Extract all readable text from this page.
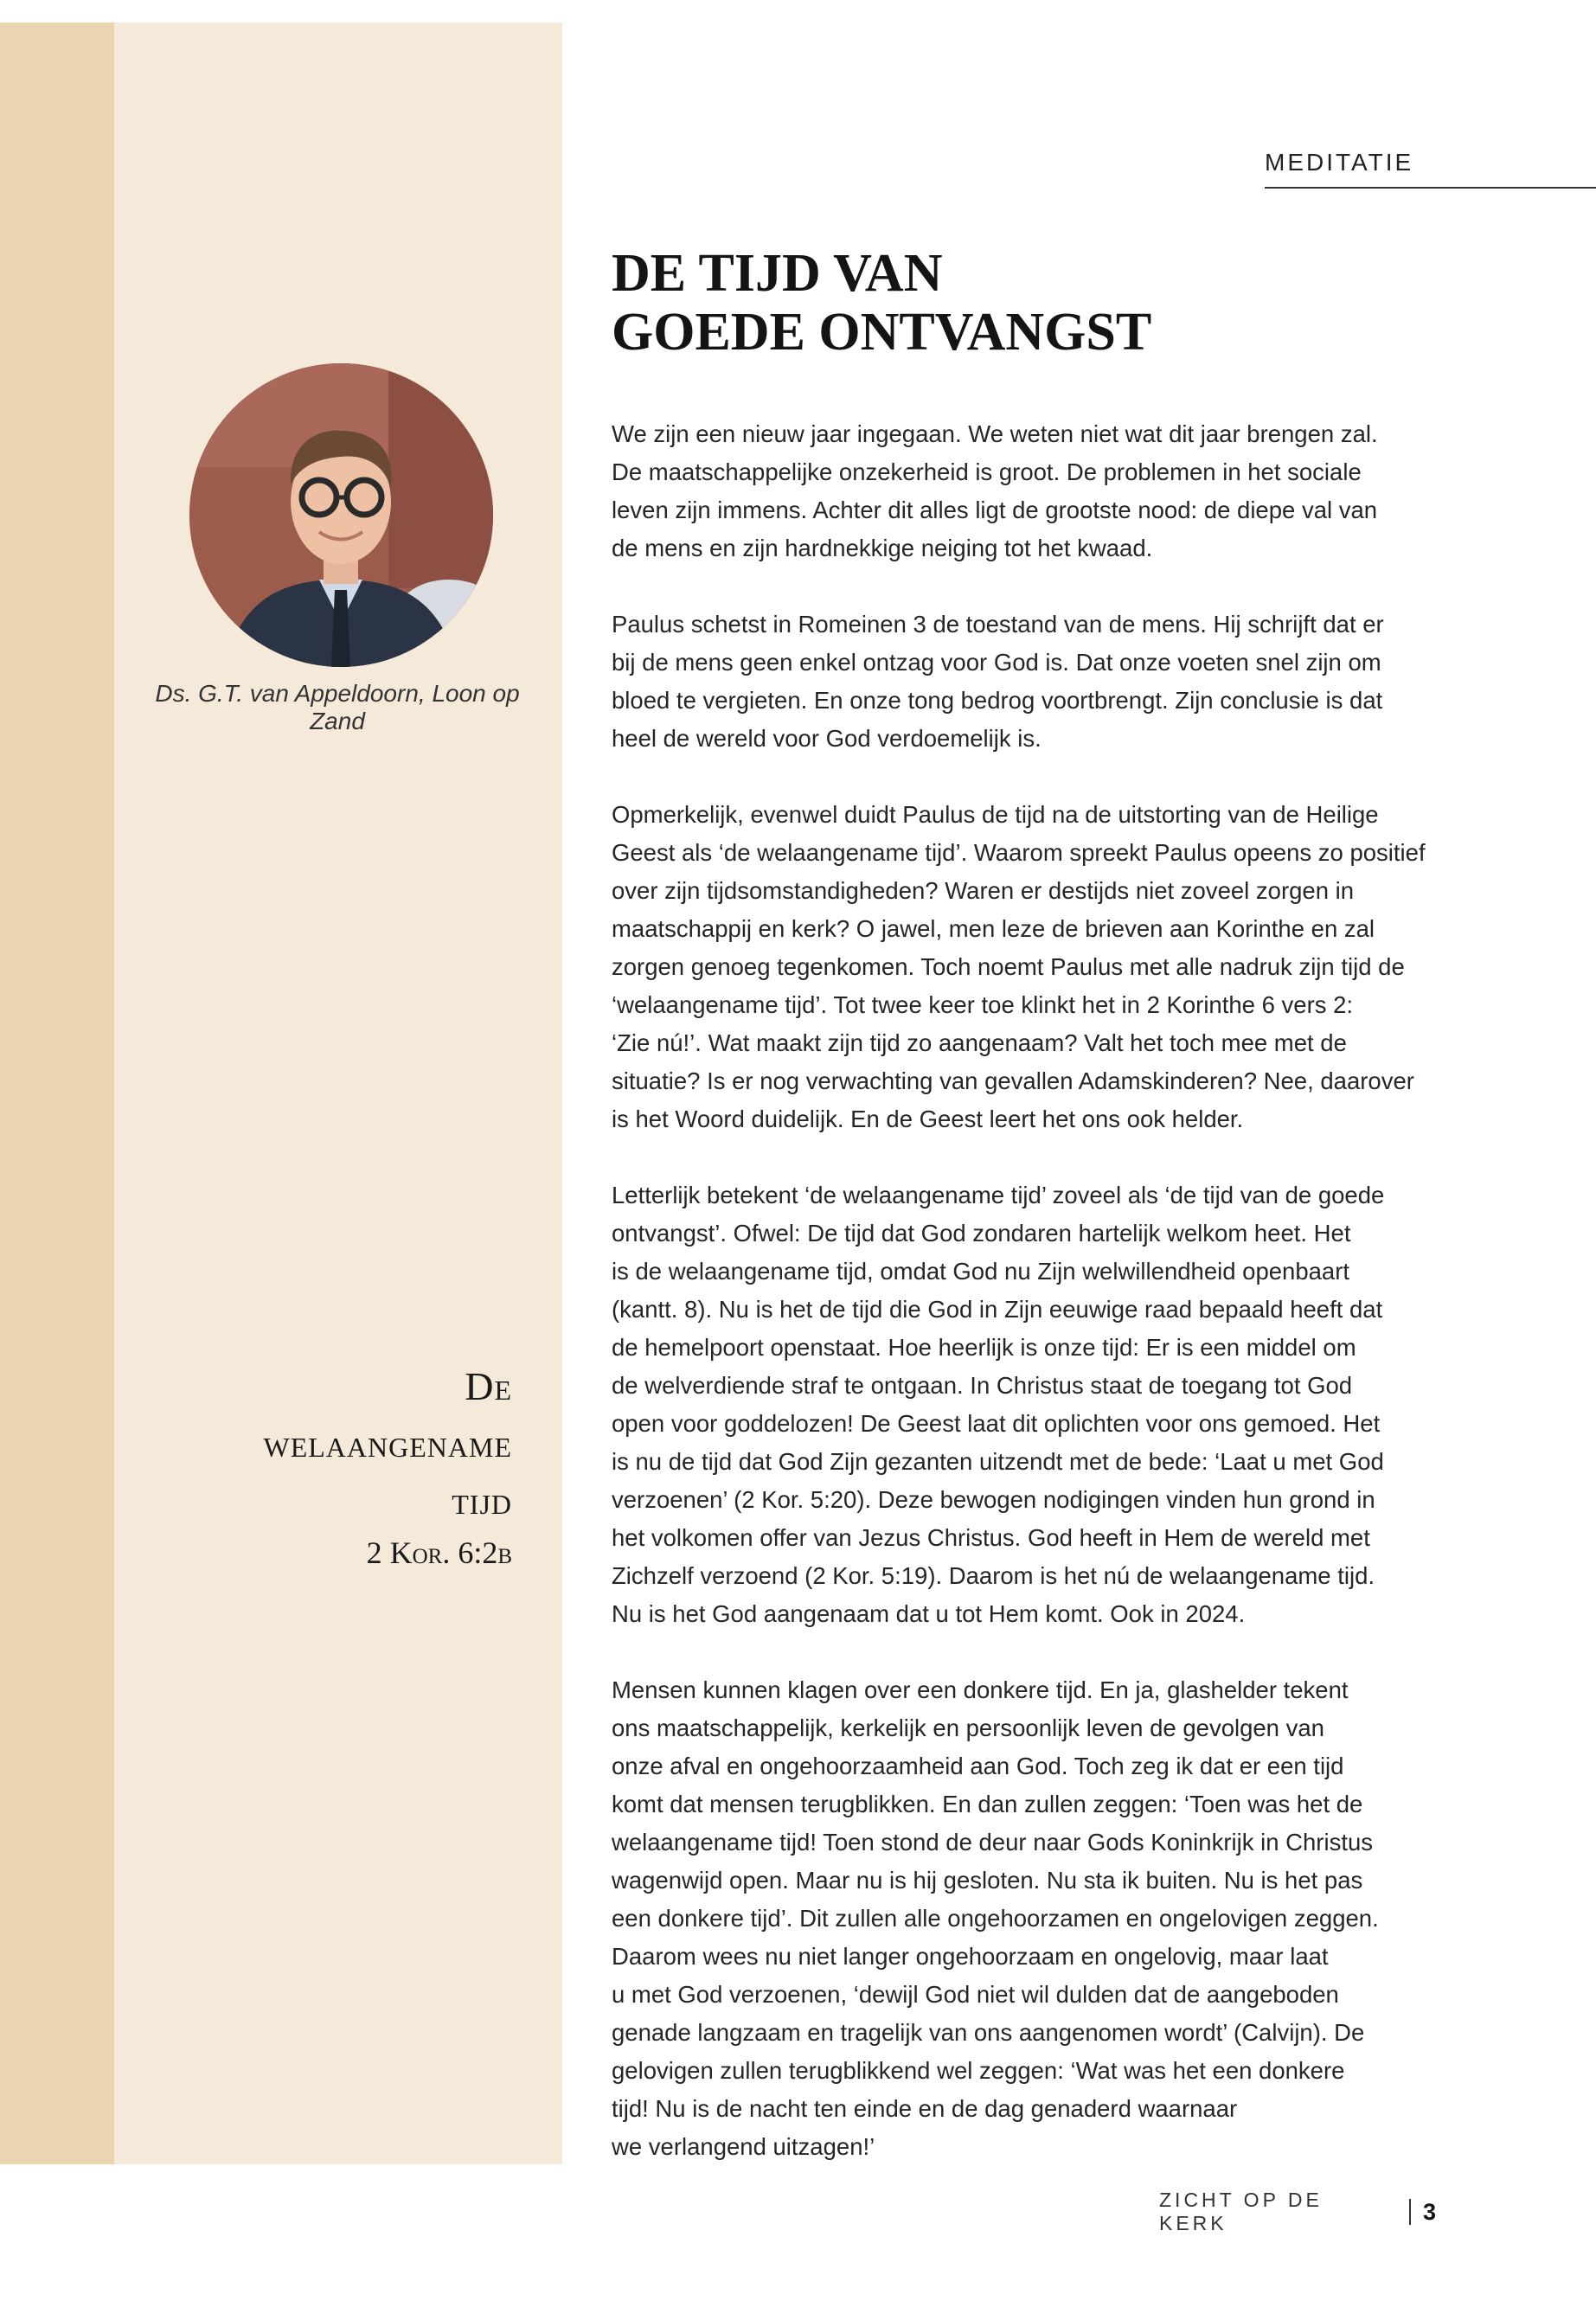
MEDITATIE
DE TIJD VAN
GOEDE ONTVANGST
Ds. G.T. van Appeldoorn, Loon op Zand
De
welaangename
tijd
2 Kor. 6:2b

We zijn een nieuw jaar ingegaan. We weten niet wat dit jaar brengen zal.
De maatschappelijke onzekerheid is groot. De problemen in het sociale
leven zijn immens. Achter dit alles ligt de grootste nood: de diepe val van
de mens en zijn hardnekkige neiging tot het kwaad.

Paulus schetst in Romeinen 3 de toestand van de mens. Hij schrijft dat er
bij de mens geen enkel ontzag voor God is. Dat onze voeten snel zijn om
bloed te vergieten. En onze tong bedrog voortbrengt. Zijn conclusie is dat
heel de wereld voor God verdoemelijk is.

Opmerkelijk, evenwel duidt Paulus de tijd na de uitstorting van de Heilige
Geest als ‘de welaangename tijd’. Waarom spreekt Paulus opeens zo positief
over zijn tijdsomstandigheden? Waren er destijds niet zoveel zorgen in
maatschappij en kerk? O jawel, men leze de brieven aan Korinthe en zal
zorgen genoeg tegenkomen. Toch noemt Paulus met alle nadruk zijn tijd de
‘welaangename tijd’. Tot twee keer toe klinkt het in 2 Korinthe 6 vers 2:
‘Zie nú!’. Wat maakt zijn tijd zo aangenaam? Valt het toch mee met de
situatie? Is er nog verwachting van gevallen Adamskinderen? Nee, daarover
is het Woord duidelijk. En de Geest leert het ons ook helder.

Letterlijk betekent ‘de welaangename tijd’ zoveel als ‘de tijd van de goede
ontvangst’. Ofwel: De tijd dat God zondaren hartelijk welkom heet. Het
is de welaangename tijd, omdat God nu Zijn welwillendheid openbaart
(kantt. 8). Nu is het de tijd die God in Zijn eeuwige raad bepaald heeft dat
de hemelpoort openstaat. Hoe heerlijk is onze tijd: Er is een middel om
de welverdiende straf te ontgaan. In Christus staat de toegang tot God
open voor goddelozen! De Geest laat dit oplichten voor ons gemoed. Het
is nu de tijd dat God Zijn gezanten uitzendt met de bede: ‘Laat u met God
verzoenen’ (2 Kor. 5:20). Deze bewogen nodigingen vinden hun grond in
het volkomen offer van Jezus Christus. God heeft in Hem de wereld met
Zichzelf verzoend (2 Kor. 5:19). Daarom is het nú de welaangename tijd.
Nu is het God aangenaam dat u tot Hem komt. Ook in 2024.

Mensen kunnen klagen over een donkere tijd. En ja, glashelder tekent
ons maatschappelijk, kerkelijk en persoonlijk leven de gevolgen van
onze afval en ongehoorzaamheid aan God. Toch zeg ik dat er een tijd
komt dat mensen terugblikken. En dan zullen zeggen: ‘Toen was het de
welaangename tijd! Toen stond de deur naar Gods Koninkrijk in Christus
wagenwijd open. Maar nu is hij gesloten. Nu sta ik buiten. Nu is het pas
een donkere tijd’. Dit zullen alle ongehoorzamen en ongelovigen zeggen.
Daarom wees nu niet langer ongehoorzaam en ongelovig, maar laat
u met God verzoenen, ‘dewijl God niet wil dulden dat de aangeboden
genade langzaam en tragelijk van ons aangenomen wordt’ (Calvijn). De
gelovigen zullen terugblikkend wel zeggen: ‘Wat was het een donkere
tijd! Nu is de nacht ten einde en de dag genaderd waarnaar
we verlangend uitzagen!’

ZICHT OP DE KERK	3
